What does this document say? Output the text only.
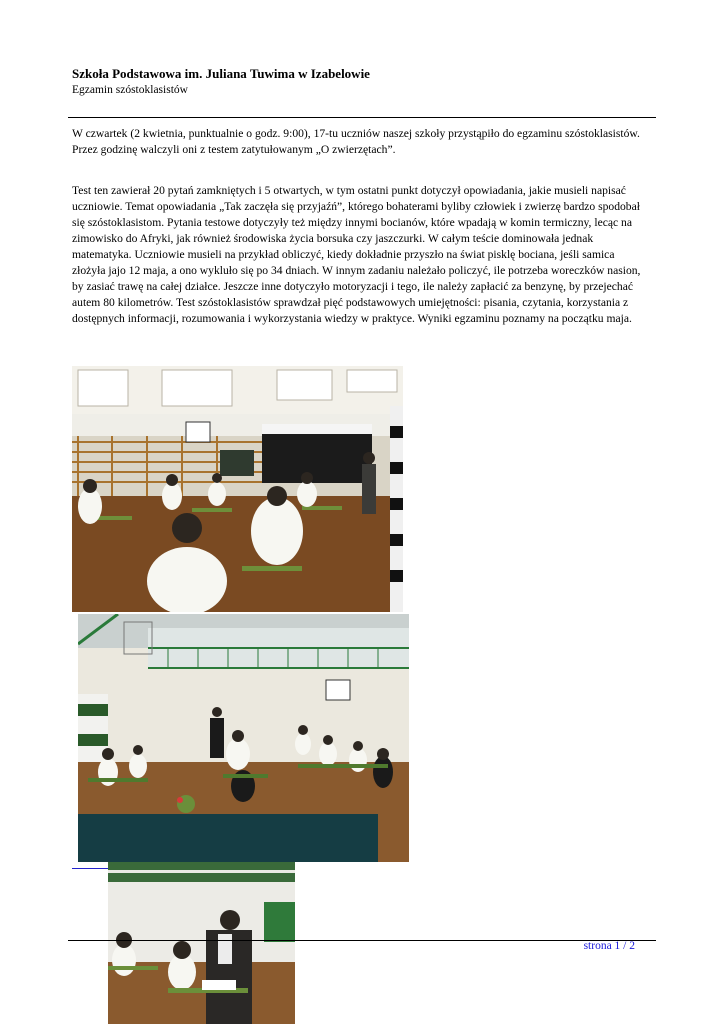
Szkoła Podstawowa im. Juliana Tuwima w Izabelowie
Egzamin szóstoklasistów

W czwartek (2 kwietnia, punktualnie o godz. 9:00), 17-tu uczniów naszej szkoły przystąpiło do egzaminu szóstoklasistów. Przez godzinę walczyli oni z testem zatytułowanym „O zwierzętach”.

Test ten zawierał 20 pytań zamkniętych i 5 otwartych, w tym ostatni punkt dotyczył opowiadania, jakie musieli napisać uczniowie. Temat opowiadania „Tak zaczęła się przyjaźń”, którego bohaterami byliby człowiek i zwierzę bardzo spodobał się szóstoklasistom. Pytania testowe dotyczyły też między innymi bocianów, które wpadają w komin termiczny, lecąc na zimowisko do Afryki, jak również środowiska życia borsuka czy jaszczurki. W całym teście dominowała jednak matematyka. Uczniowie musieli na przykład obliczyć, kiedy dokładnie przyszło na świat pisklę bociana, jeśli samica złożyła jajo 12 maja, a ono wykluło się po 34 dniach. W innym zadaniu należało policzyć, ile potrzeba woreczków nasion, by zasiać trawę na całej działce. Jeszcze inne dotyczyło motoryzacji i tego, ile należy zapłacić za benzynę, by przejechać autem 80 kilometrów. Test szóstoklasistów sprawdzał pięć podstawowych umiejętności: pisania, czytania, korzystania z dostępnych informacji, rozumowania i wykorzystania wiedzy w praktyce. Wyniki egzaminu poznamy na początku maja.

strona 1 / 2
